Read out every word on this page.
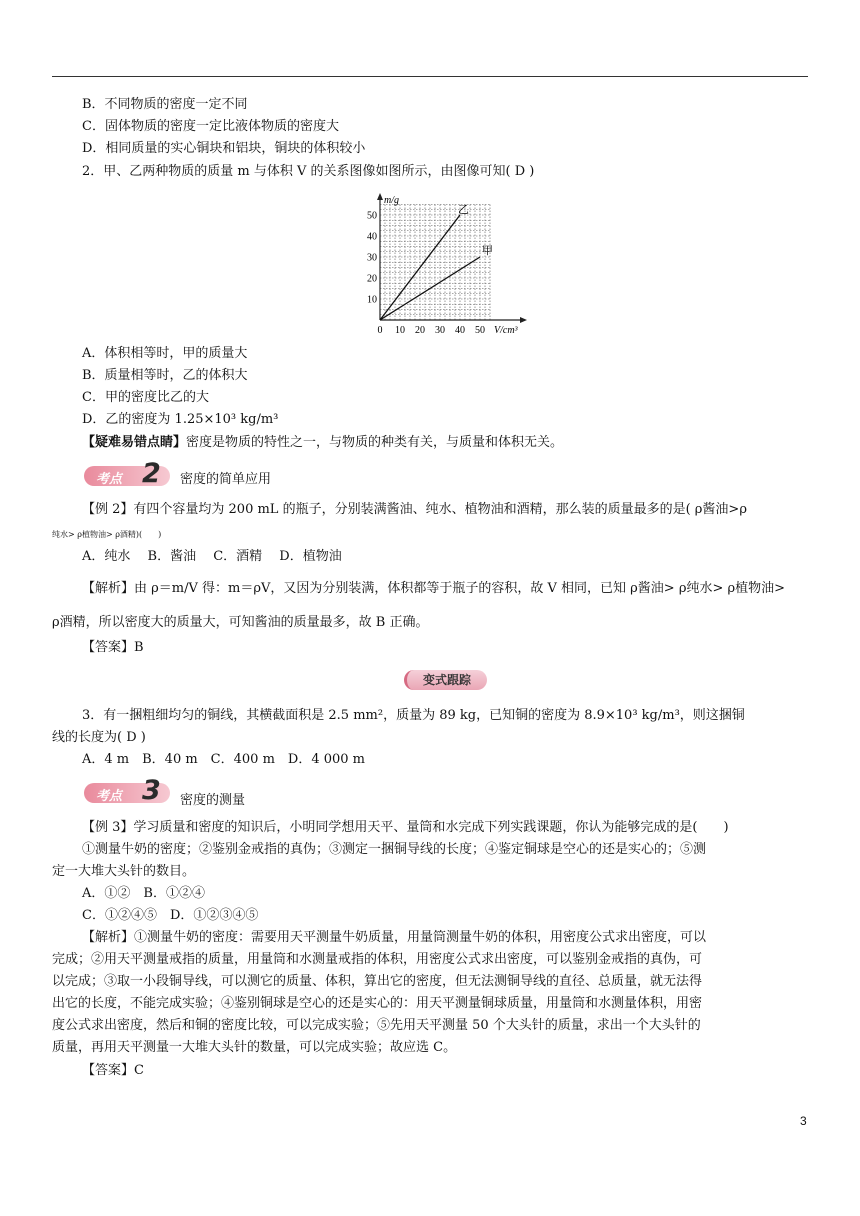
B．不同物质的密度一定不同
C．固体物质的密度一定比液体物质的密度大
D．相同质量的实心铜块和铝块，铜块的体积较小
2．甲、乙两种物质的质量 m 与体积 V 的关系图像如图所示，由图像可知( D )
m/g
V/cm³
0 10 20 30 40 50
10
20
30
40
50	乙
甲
A．体积相等时，甲的质量大
B．质量相等时，乙的体积大
C．甲的密度比乙的大
D．乙的密度为 1.25×10³ kg/m³
【疑难易错点睛】密度是物质的特性之一，与物质的种类有关，与质量和体积无关。
考点 2 密度的简单应用
【例 2】有四个容量均为 200 mL 的瓶子，分别装满酱油、纯水、植物油和酒精，那么装的质量最多的是( ρ酱油>ρ
纯水> ρ植物油> ρ酒精)(　　)
A．纯水　 B．酱油　 C．酒精　 D．植物油
【解析】由 ρ＝m/V 得：m＝ρV，又因为分别装满，体积都等于瓶子的容积，故 V 相同，已知 ρ酱油> ρ纯水> ρ植物油>
ρ酒精，所以密度大的质量大，可知酱油的质量最多，故 B 正确。
【答案】B
变式跟踪
3．有一捆粗细均匀的铜线，其横截面积是 2.5 mm²，质量为 89 kg，已知铜的密度为 8.9×10³ kg/m³，则这捆铜
线的长度为( D )
A．4 m　B．40 m　C．400 m　D．4 000 m
考点 3 密度的测量
【例 3】学习质量和密度的知识后，小明同学想用天平、量筒和水完成下列实践课题，你认为能够完成的是(　　)
①测量牛奶的密度；②鉴别金戒指的真伪；③测定一捆铜导线的长度；④鉴定铜球是空心的还是实心的；⑤测
定一大堆大头针的数目。
A．①②　B．①②④
C．①②④⑤　D．①②③④⑤
【解析】①测量牛奶的密度：需要用天平测量牛奶质量，用量筒测量牛奶的体积，用密度公式求出密度，可以
完成；②用天平测量戒指的质量，用量筒和水测量戒指的体积，用密度公式求出密度，可以鉴别金戒指的真伪，可
以完成；③取一小段铜导线，可以测它的质量、体积，算出它的密度，但无法测铜导线的直径、总质量，就无法得
出它的长度，不能完成实验；④鉴别铜球是空心的还是实心的：用天平测量铜球质量，用量筒和水测量体积，用密
度公式求出密度，然后和铜的密度比较，可以完成实验；⑤先用天平测量 50 个大头针的质量，求出一个大头针的
质量，再用天平测量一大堆大头针的数量，可以完成实验；故应选 C。
【答案】C
3
